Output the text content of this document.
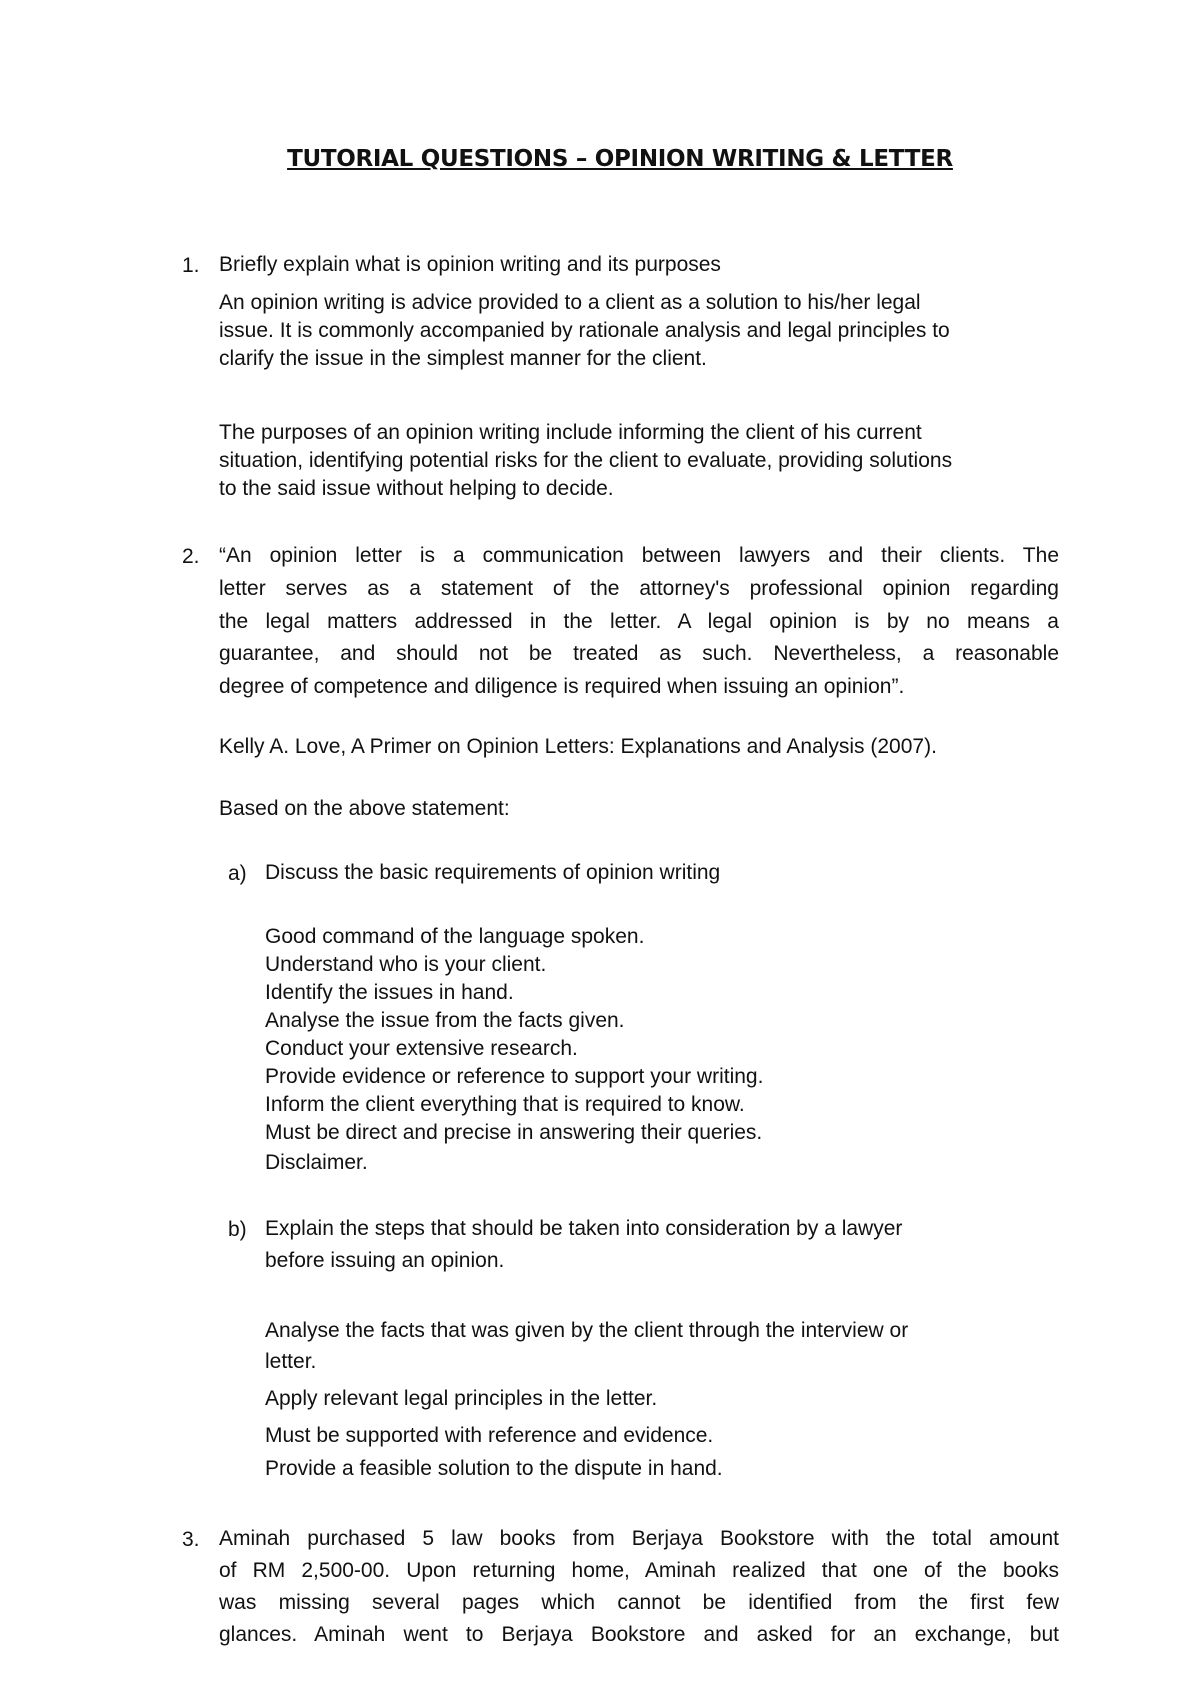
TUTORIAL QUESTIONS – OPINION WRITING & LETTER
1. Briefly explain what is opinion writing and its purposes
An opinion writing is advice provided to a client as a solution to his/her legal
issue. It is commonly accompanied by rationale analysis and legal principles to
clarify the issue in the simplest manner for the client.
The purposes of an opinion writing include informing the client of his current
situation, identifying potential risks for the client to evaluate, providing solutions
to the said issue without helping to decide.
2. “An opinion letter is a communication between lawyers and their clients. The
letter serves as a statement of the attorney's professional opinion regarding
the legal matters addressed in the letter. A legal opinion is by no means a
guarantee, and should not be treated as such. Nevertheless, a reasonable
degree of competence and diligence is required when issuing an opinion”.
Kelly A. Love, A Primer on Opinion Letters: Explanations and Analysis (2007).
Based on the above statement:
a) Discuss the basic requirements of opinion writing
Good command of the language spoken.
Understand who is your client.
Identify the issues in hand.
Analyse the issue from the facts given.
Conduct your extensive research.
Provide evidence or reference to support your writing.
Inform the client everything that is required to know.
Must be direct and precise in answering their queries.
Disclaimer.
b) Explain the steps that should be taken into consideration by a lawyer
before issuing an opinion.
Analyse the facts that was given by the client through the interview or
letter.
Apply relevant legal principles in the letter.
Must be supported with reference and evidence.
Provide a feasible solution to the dispute in hand.
3. Aminah purchased 5 law books from Berjaya Bookstore with the total amount
of RM 2,500-00. Upon returning home, Aminah realized that one of the books
was missing several pages which cannot be identified from the first few
glances. Aminah went to Berjaya Bookstore and asked for an exchange, but
